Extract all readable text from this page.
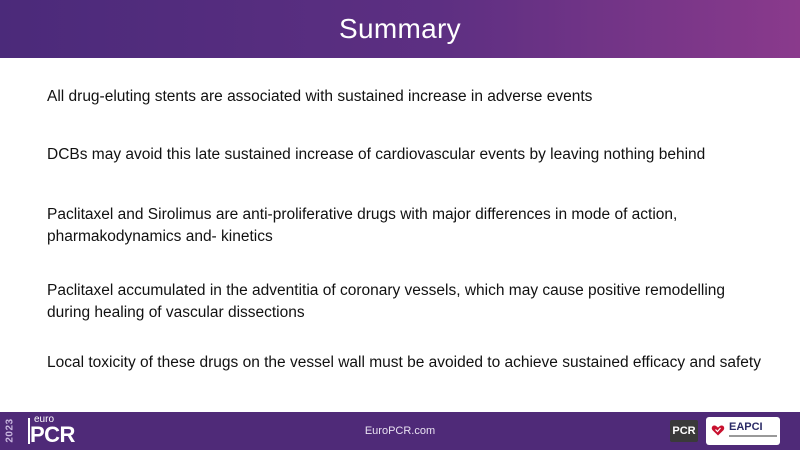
Summary
All drug-eluting stents are associated with sustained increase in adverse events
DCBs may avoid this late sustained increase of cardiovascular events by leaving nothing behind
Paclitaxel and Sirolimus are anti-proliferative drugs with major differences in mode of action, pharmakodynamics and- kinetics
Paclitaxel accumulated in the adventitia of coronary vessels, which may cause positive remodelling during healing of vascular dissections
Local toxicity of these drugs on the vessel wall must be avoided to achieve sustained efficacy and safety
2023 euro
PCR	EuroPCR.com	PCR	EAPCI
